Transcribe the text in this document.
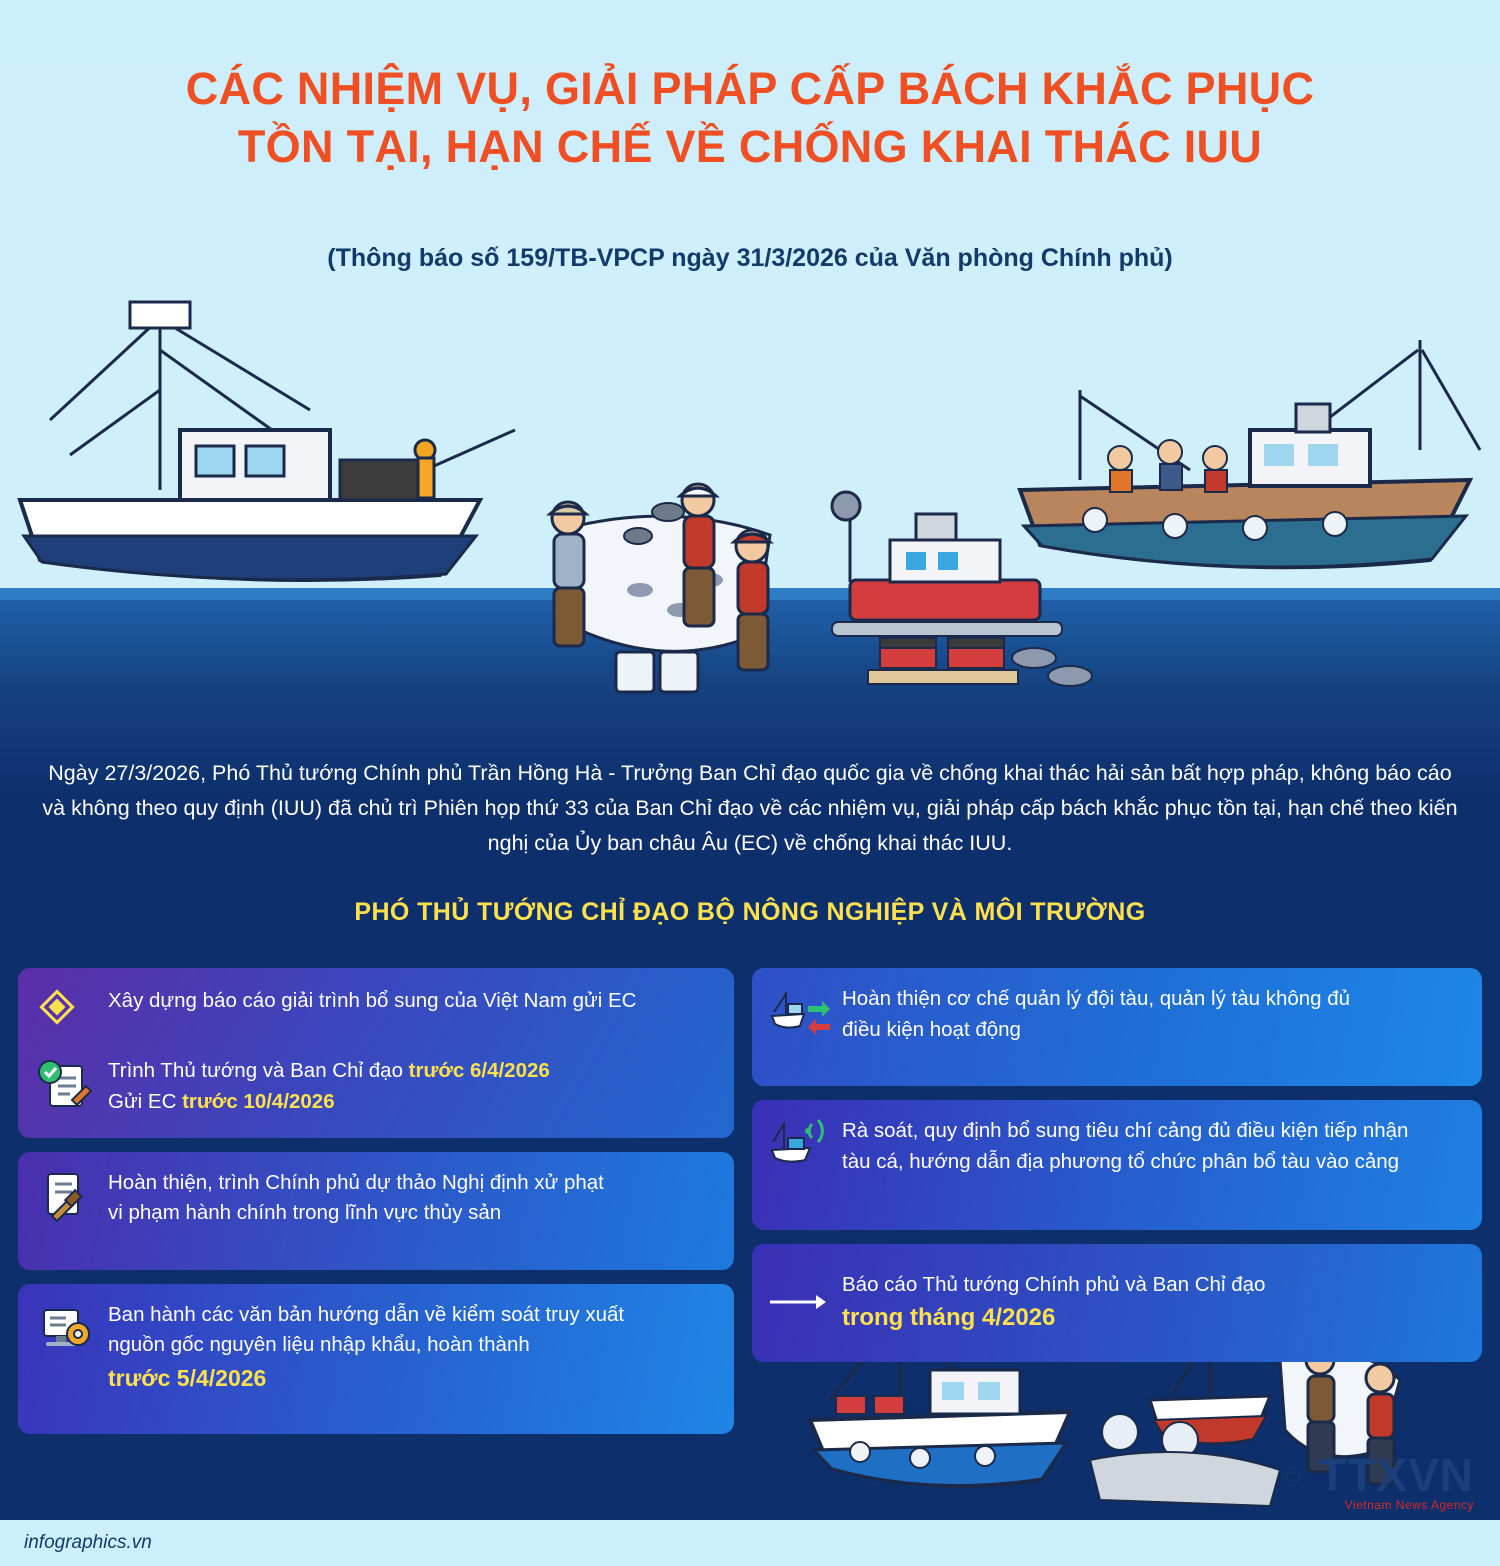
CÁC NHIỆM VỤ, GIẢI PHÁP CẤP BÁCH KHẮC PHỤC
TỒN TẠI, HẠN CHẾ VỀ CHỐNG KHAI THÁC IUU
(Thông báo số 159/TB-VPCP ngày 31/3/2026 của Văn phòng Chính phủ)
Ngày 27/3/2026, Phó Thủ tướng Chính phủ Trần Hồng Hà - Trưởng Ban Chỉ đạo quốc gia về chống khai thác hải sản bất hợp pháp, không báo cáo và không theo quy định (IUU) đã chủ trì Phiên họp thứ 33 của Ban Chỉ đạo về các nhiệm vụ, giải pháp cấp bách khắc phục tồn tại, hạn chế theo kiến nghị của Ủy ban châu Âu (EC) về chống khai thác IUU.
PHÓ THỦ TƯỚNG CHỈ ĐẠO BỘ NÔNG NGHIỆP VÀ MÔI TRƯỜNG
Xây dựng báo cáo giải trình bổ sung của Việt Nam gửi EC
Trình Thủ tướng và Ban Chỉ đạo trước 6/4/2026
Gửi EC trước 10/4/2026
Hoàn thiện, trình Chính phủ dự thảo Nghị định xử phạt
vi phạm hành chính trong lĩnh vực thủy sản
Ban hành các văn bản hướng dẫn về kiểm soát truy xuất
nguồn gốc nguyên liệu nhập khẩu, hoàn thành
trước 5/4/2026
Hoàn thiện cơ chế quản lý đội tàu, quản lý tàu không đủ
điều kiện hoạt động
Rà soát, quy định bổ sung tiêu chí cảng đủ điều kiện tiếp nhận
tàu cá, hướng dẫn địa phương tổ chức phân bổ tàu vào cảng
Báo cáo Thủ tướng Chính phủ và Ban Chỉ đạo
trong tháng 4/2026
© TTXVN
Vietnam News Agency
infographics.vn
